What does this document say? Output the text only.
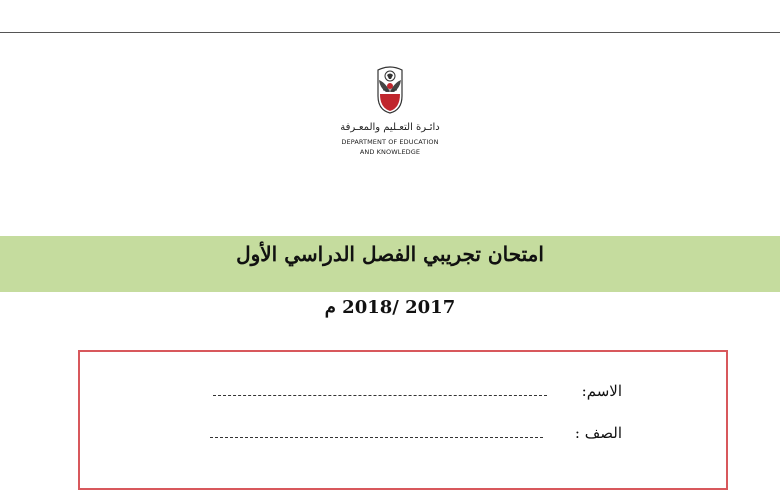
دائـرة التعـليم والمعـرفة
DEPARTMENT OF EDUCATION
AND KNOWLEDGE
امتحان تجريبي الفصل الدراسي الأول
2017 /2018 م
الاسم:
الصف :
